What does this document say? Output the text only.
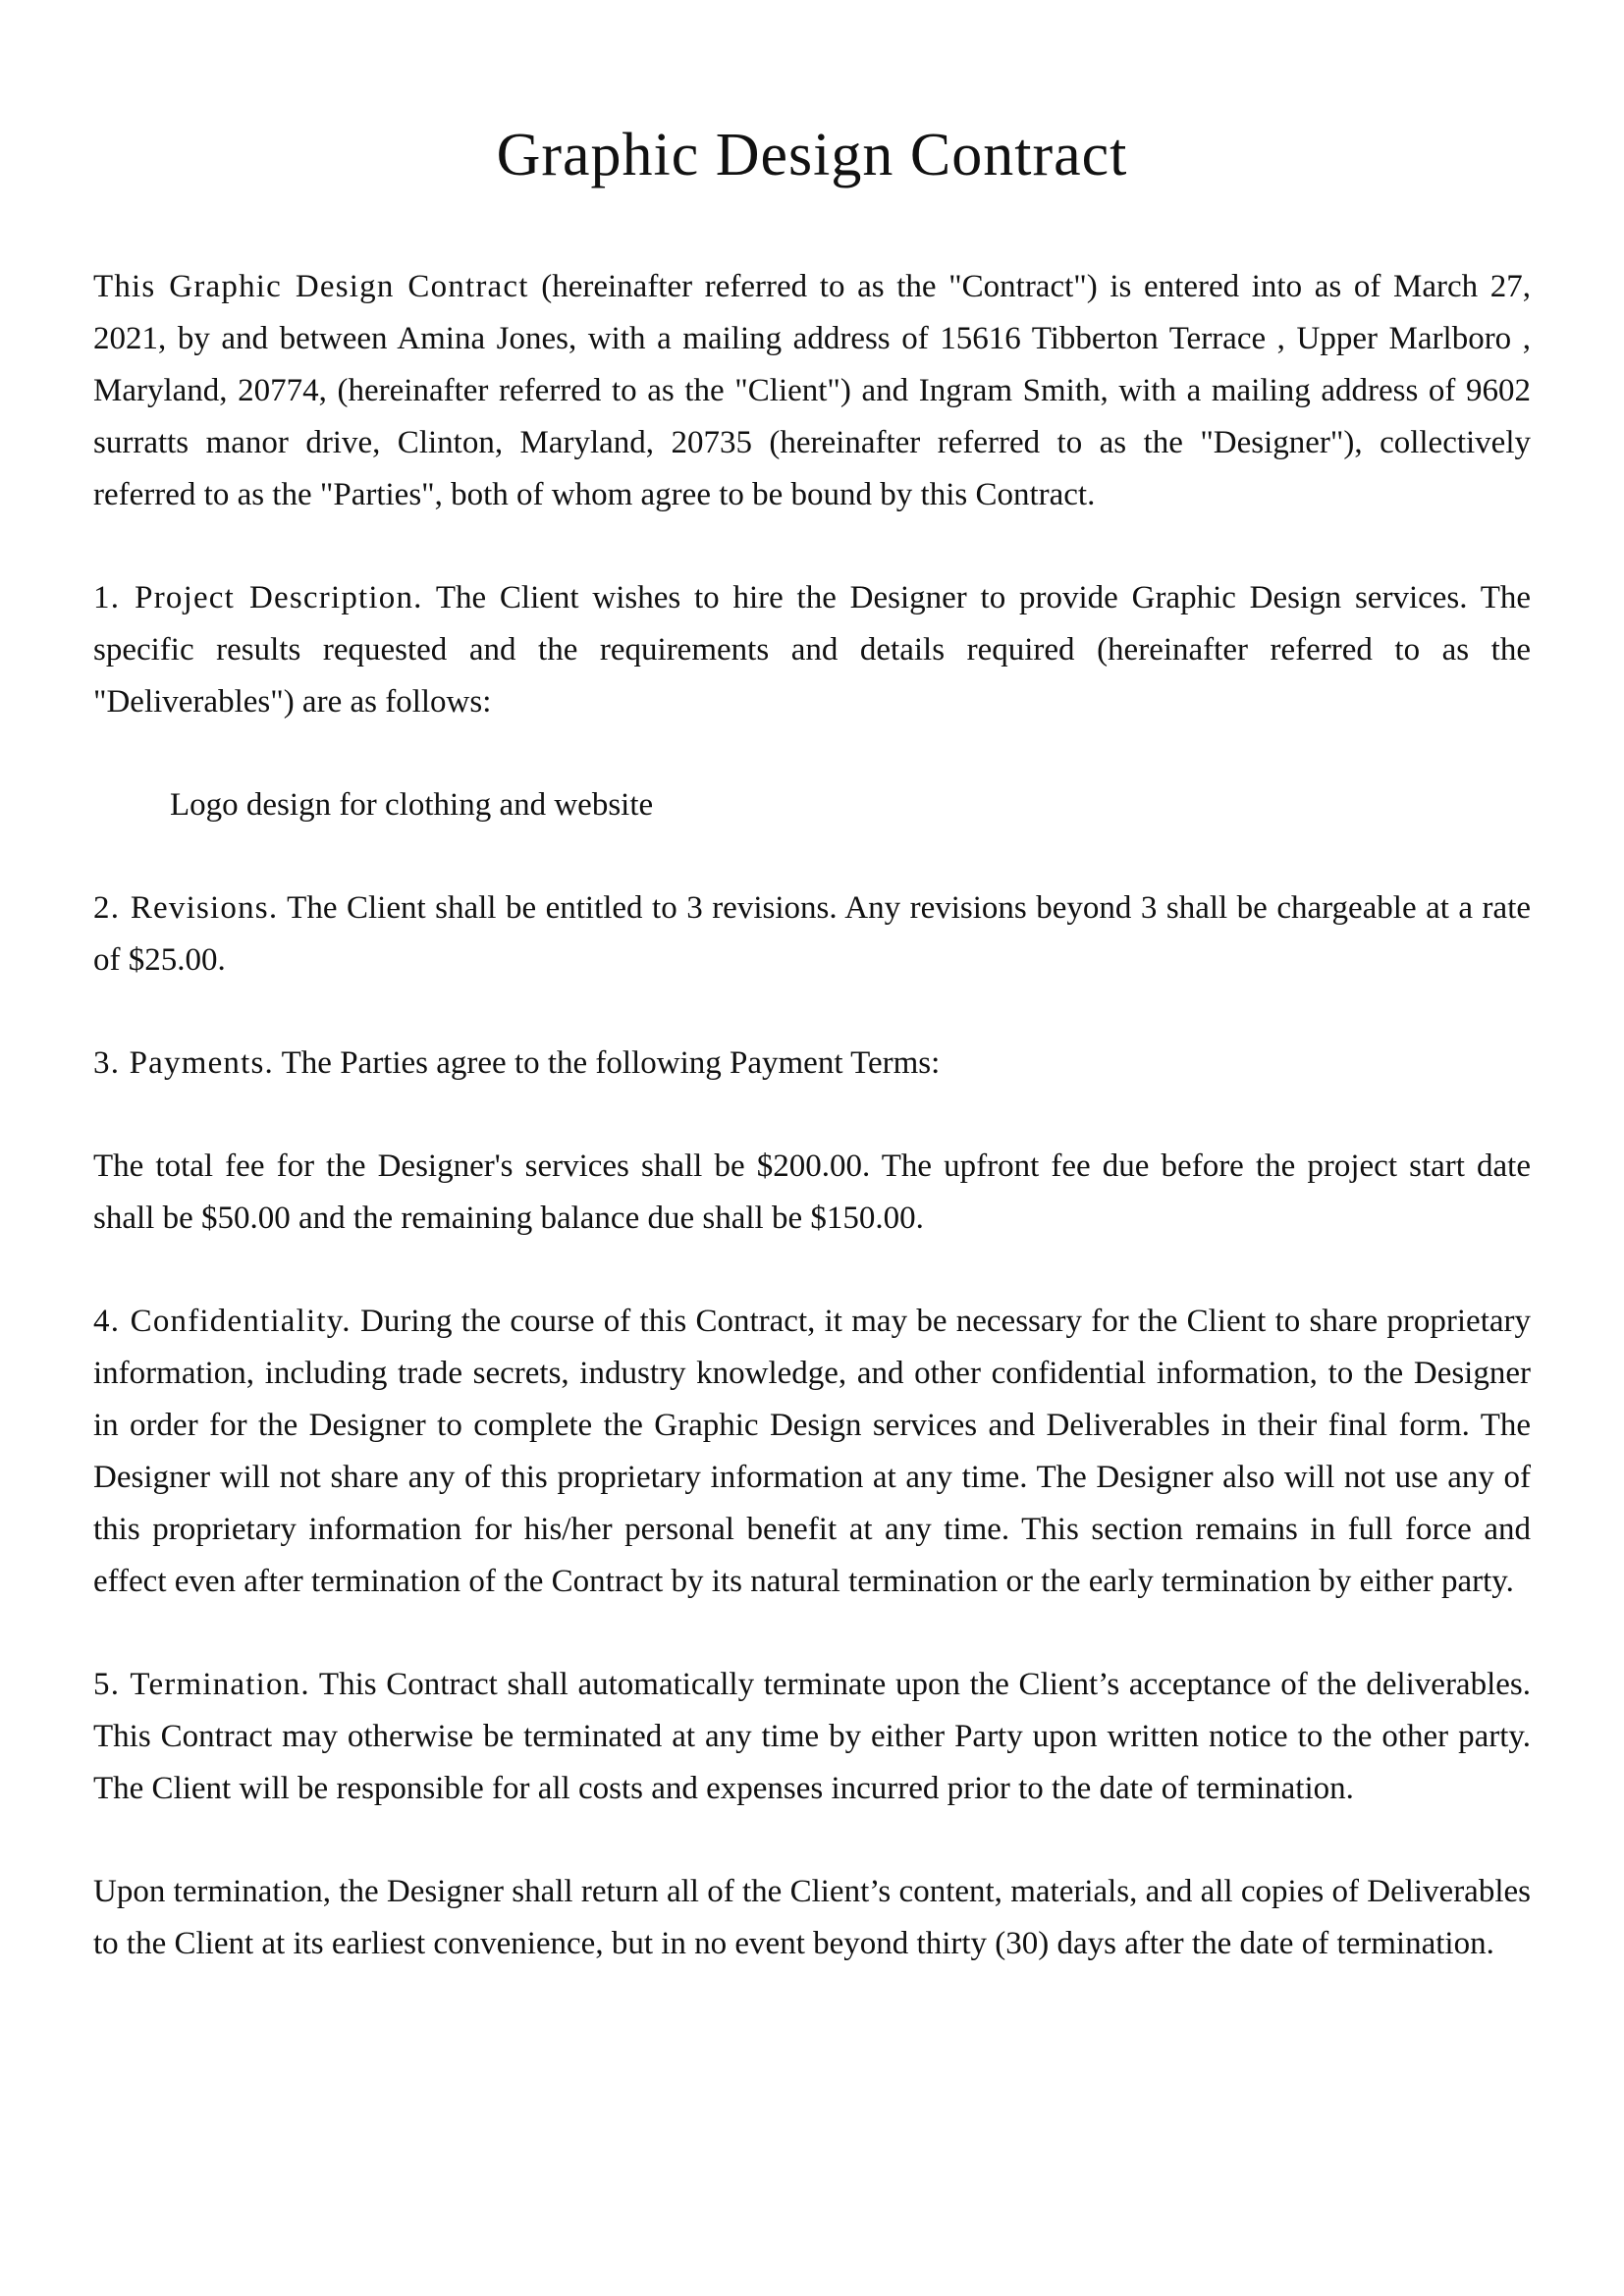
Graphic Design Contract

This Graphic Design Contract (hereinafter referred to as the "Contract") is entered into as of March 27, 2021, by and between Amina Jones, with a mailing address of 15616 Tibberton Terrace , Upper Marlboro , Maryland, 20774, (hereinafter referred to as the "Client") and Ingram Smith, with a mailing address of 9602 surratts manor drive, Clinton, Maryland, 20735 (hereinafter referred to as the "Designer"), collectively referred to as the "Parties", both of whom agree to be bound by this Contract.

1. Project Description. The Client wishes to hire the Designer to provide Graphic Design services. The specific results requested and the requirements and details required (hereinafter referred to as the "Deliverables") are as follows:

Logo design for clothing and website

2. Revisions. The Client shall be entitled to 3 revisions. Any revisions beyond 3 shall be chargeable at a rate of $25.00.

3. Payments. The Parties agree to the following Payment Terms:

The total fee for the Designer's services shall be $200.00. The upfront fee due before the project start date shall be $50.00 and the remaining balance due shall be $150.00.

4. Confidentiality. During the course of this Contract, it may be necessary for the Client to share proprietary information, including trade secrets, industry knowledge, and other confidential information, to the Designer in order for the Designer to complete the Graphic Design services and Deliverables in their final form. The Designer will not share any of this proprietary information at any time. The Designer also will not use any of this proprietary information for his/her personal benefit at any time. This section remains in full force and effect even after termination of the Contract by its natural termination or the early termination by either party.

5. Termination. This Contract shall automatically terminate upon the Client’s acceptance of the deliverables. This Contract may otherwise be terminated at any time by either Party upon written notice to the other party. The Client will be responsible for all costs and expenses incurred prior to the date of termination.

Upon termination, the Designer shall return all of the Client’s content, materials, and all copies of Deliverables to the Client at its earliest convenience, but in no event beyond thirty (30) days after the date of termination.
